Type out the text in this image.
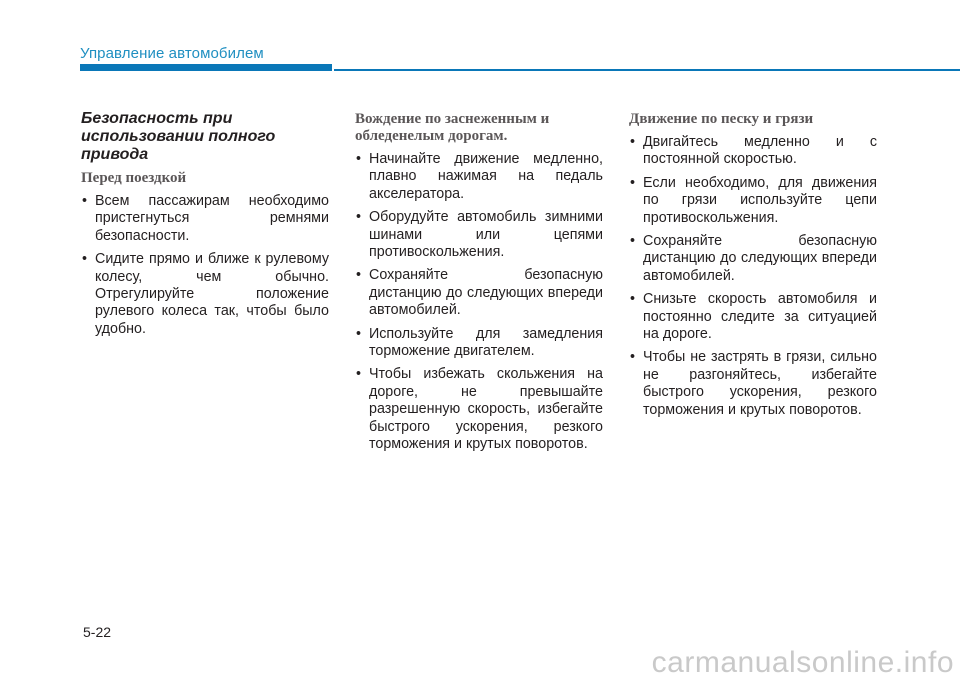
Управление автомобилем
Безопасность при использовании полного привода
Перед поездкой
• Всем пассажирам необходимо пристегнуться ремнями безопасности.
• Сидите прямо и ближе к рулевому колесу, чем обычно. Отрегулируйте положение рулевого колеса так, чтобы было удобно.
Вождение по заснеженным и обледенелым дорогам.
• Начинайте движение медленно, плавно нажимая на педаль акселератора.
• Оборудуйте автомобиль зимними шинами или цепями противоскольжения.
• Сохраняйте безопасную дистанцию до следующих впереди автомобилей.
• Используйте для замедления торможение двигателем.
• Чтобы избежать скольжения на дороге, не превышайте разрешенную скорость, избегайте быстрого ускорения, резкого торможения и крутых поворотов.
Движение по песку и грязи
• Двигайтесь медленно и с постоянной скоростью.
• Если необходимо, для движения по грязи используйте цепи противоскольжения.
• Сохраняйте безопасную дистанцию до следующих впереди автомобилей.
• Снизьте скорость автомобиля и постоянно следите за ситуацией на дороге.
• Чтобы не застрять в грязи, сильно не разгоняйтесь, избегайте быстрого ускорения, резкого торможения и крутых поворотов.
5-22
carmanualsonline.info
